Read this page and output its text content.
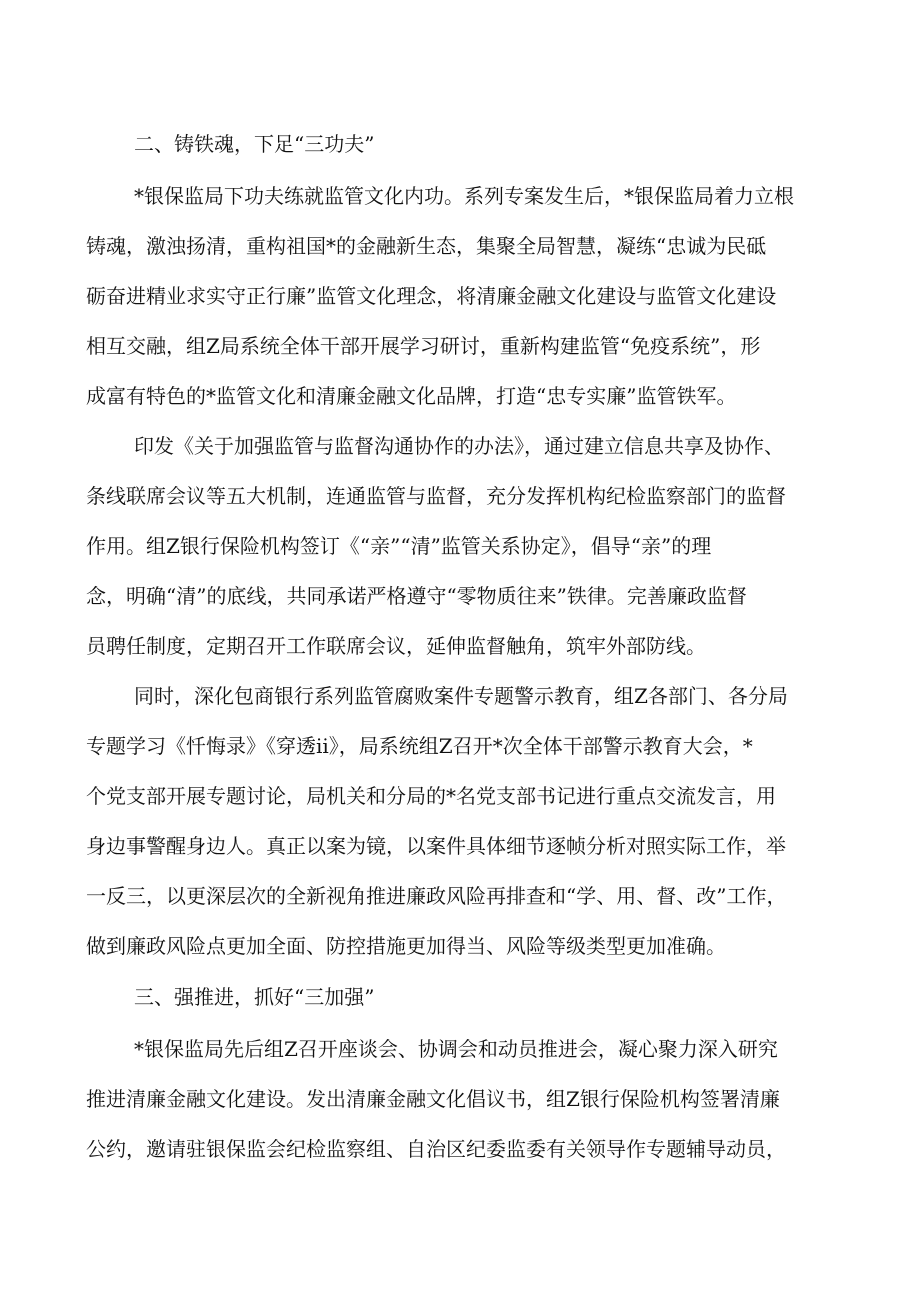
二、铸铁魂，下足“三功夫”
*银保监局下功夫练就监管文化内功。系列专案发生后，*银保监局着力立根
铸魂，激浊扬清，重构祖国*的金融新生态，集聚全局智慧，凝练“忠诚为民砥
砺奋进精业求实守正行廉”监管文化理念，将清廉金融文化建设与监管文化建设
相互交融，组Z局系统全体干部开展学习研讨，重新构建监管“免疫系统”，形
成富有特色的*监管文化和清廉金融文化品牌，打造“忠专实廉”监管铁军。
印发《关于加强监管与监督沟通协作的办法》，通过建立信息共享及协作、
条线联席会议等五大机制，连通监管与监督，充分发挥机构纪检监察部门的监督
作用。组Z银行保险机构签订《“亲”“清”监管关系协定》，倡导“亲”的理
念，明确“清”的底线，共同承诺严格遵守“零物质往来”铁律。完善廉政监督
员聘任制度，定期召开工作联席会议，延伸监督触角，筑牢外部防线。
同时，深化包商银行系列监管腐败案件专题警示教育，组Z各部门、各分局
专题学习《忏悔录》《穿透ii》，局系统组Z召开*次全体干部警示教育大会，*
个党支部开展专题讨论，局机关和分局的*名党支部书记进行重点交流发言，用
身边事警醒身边人。真正以案为镜，以案件具体细节逐帧分析对照实际工作，举
一反三，以更深层次的全新视角推进廉政风险再排查和“学、用、督、改”工作，
做到廉政风险点更加全面、防控措施更加得当、风险等级类型更加准确。
三、强推进，抓好“三加强”
*银保监局先后组Z召开座谈会、协调会和动员推进会，凝心聚力深入研究
推进清廉金融文化建设。发出清廉金融文化倡议书，组Z银行保险机构签署清廉
公约，邀请驻银保监会纪检监察组、自治区纪委监委有关领导作专题辅导动员，
